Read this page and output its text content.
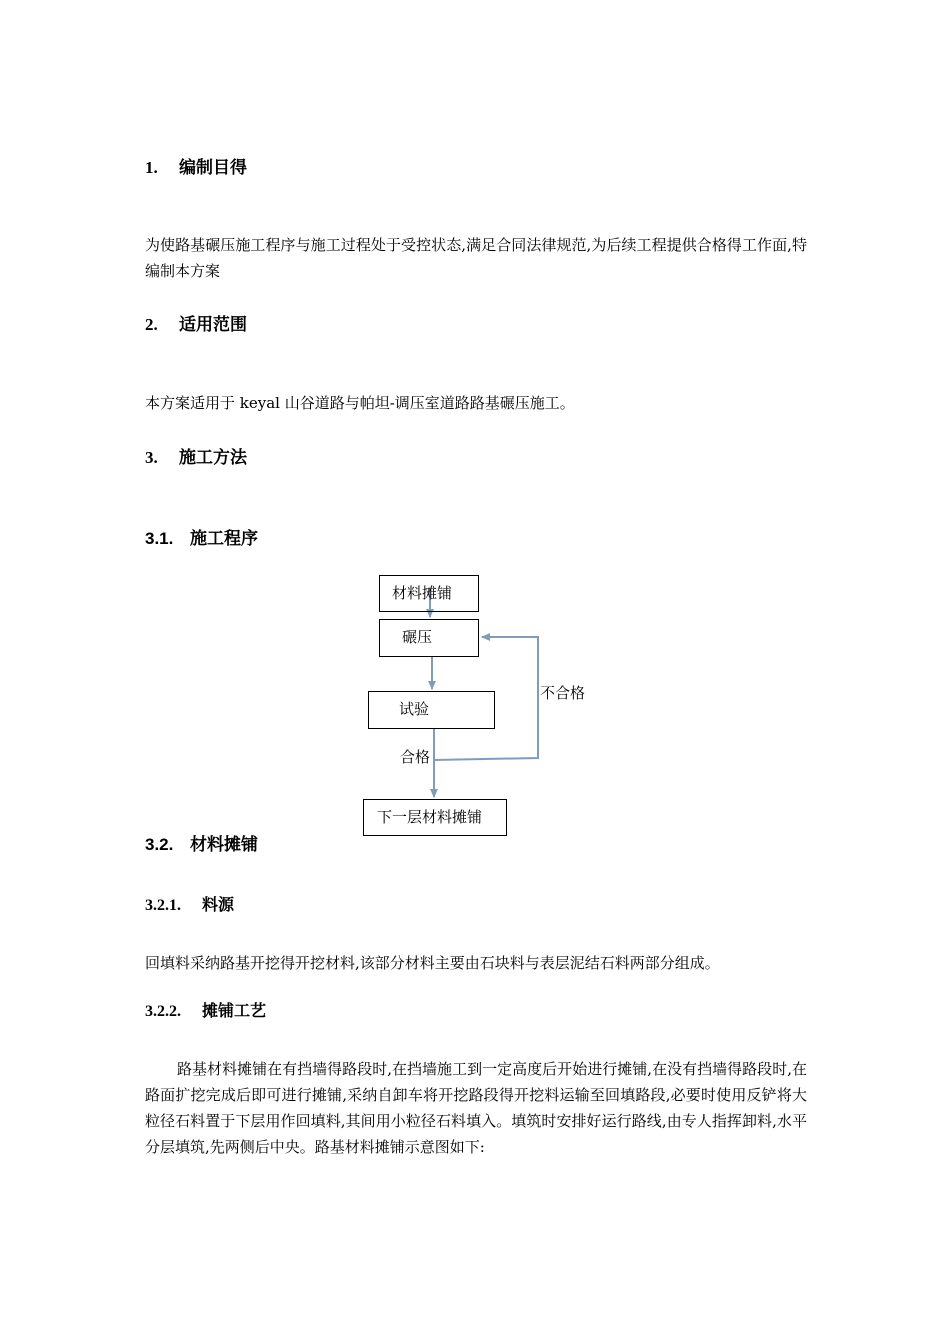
1. 编制目得
为使路基碾压施工程序与施工过程处于受控状态,满足合同法律规范,为后续工程提供合格得工作面,特编制本方案
2. 适用范围
本方案适用于 keyal 山谷道路与帕坦-调压室道路路基碾压施工。
3. 施工方法
3.1. 施工程序
材料摊铺
碾压
试验
下一层材料摊铺
合格
不合格
3.2. 材料摊铺
3.2.1. 料源
回填料采纳路基开挖得开挖材料,该部分材料主要由石块料与表层泥结石料两部分组成。
3.2.2. 摊铺工艺
路基材料摊铺在有挡墙得路段时,在挡墙施工到一定高度后开始进行摊铺,在没有挡墙得路段时,在路面扩挖完成后即可进行摊铺,采纳自卸车将开挖路段得开挖料运输至回填路段,必要时使用反铲将大粒径石料置于下层用作回填料,其间用小粒径石料填入。填筑时安排好运行路线,由专人指挥卸料,水平分层填筑,先两侧后中央。路基材料摊铺示意图如下:
